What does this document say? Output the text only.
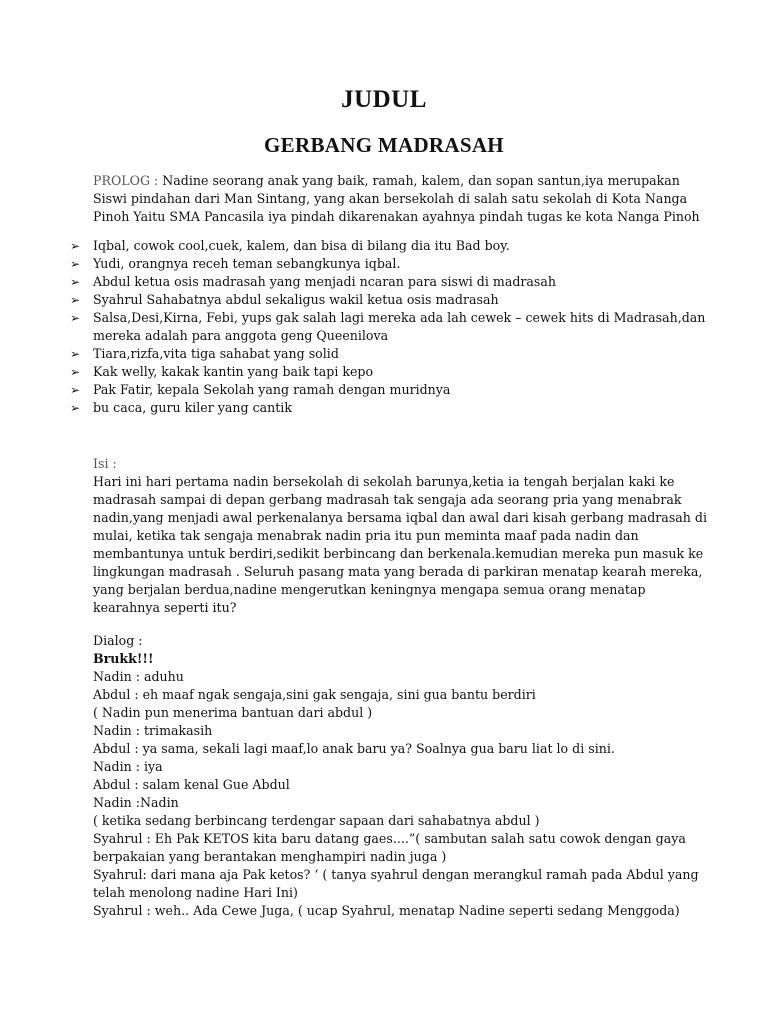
JUDUL
GERBANG MADRASAH
PROLOG : Nadine seorang anak yang baik, ramah, kalem, dan sopan santun,iya merupakan
Siswi pindahan dari Man Sintang, yang akan bersekolah di salah satu sekolah di Kota Nanga
Pinoh Yaitu SMA Pancasila iya pindah dikarenakan ayahnya pindah tugas ke kota Nanga Pinoh
➢ Iqbal, cowok cool,cuek, kalem, dan bisa di bilang dia itu Bad boy.
➢ Yudi, orangnya receh teman sebangkunya iqbal.
➢ Abdul ketua osis madrasah yang menjadi ncaran para siswi di madrasah
➢ Syahrul Sahabatnya abdul sekaligus wakil ketua osis madrasah
➢ Salsa,Desi,Kirna, Febi, yups gak salah lagi mereka ada lah cewek – cewek hits di Madrasah,dan
mereka adalah para anggota geng Queenilova
➢ Tiara,rizfa,vita tiga sahabat yang solid
➢ Kak welly, kakak kantin yang baik tapi kepo
➢ Pak Fatir, kepala Sekolah yang ramah dengan muridnya
➢ bu caca, guru kiler yang cantik
Isi :
Hari ini hari pertama nadin bersekolah di sekolah barunya,ketia ia tengah berjalan kaki ke
madrasah sampai di depan gerbang madrasah tak sengaja ada seorang pria yang menabrak
nadin,yang menjadi awal perkenalanya bersama iqbal dan awal dari kisah gerbang madrasah di
mulai, ketika tak sengaja menabrak nadin pria itu pun meminta maaf pada nadin dan
membantunya untuk berdiri,sedikit berbincang dan berkenala.kemudian mereka pun masuk ke
lingkungan madrasah . Seluruh pasang mata yang berada di parkiran menatap kearah mereka,
yang berjalan berdua,nadine mengerutkan keningnya mengapa semua orang menatap
kearahnya seperti itu?
Dialog :
Brukk!!!
Nadin : aduhu
Abdul : eh maaf ngak sengaja,sini gak sengaja, sini gua bantu berdiri
( Nadin pun menerima bantuan dari abdul )
Nadin : trimakasih
Abdul : ya sama, sekali lagi maaf,lo anak baru ya? Soalnya gua baru liat lo di sini.
Nadin : iya
Abdul : salam kenal Gue Abdul
Nadin :Nadin
( ketika sedang berbincang terdengar sapaan dari sahabatnya abdul )
Syahrul : Eh Pak KETOS kita baru datang gaes....”( sambutan salah satu cowok dengan gaya
berpakaian yang berantakan menghampiri nadin juga )
Syahrul: dari mana aja Pak ketos? ‘ ( tanya syahrul dengan merangkul ramah pada Abdul yang
telah menolong nadine Hari Ini)
Syahrul : weh.. Ada Cewe Juga, ( ucap Syahrul, menatap Nadine seperti sedang Menggoda)
